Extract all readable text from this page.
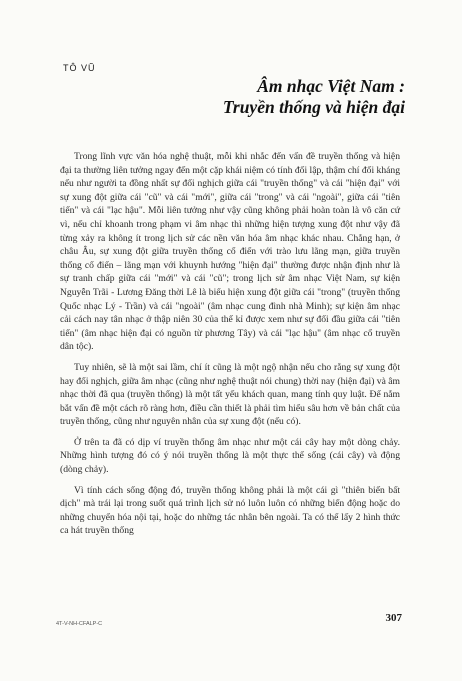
TÔ VŨ
Âm nhạc Việt Nam :
Truyền thống và hiện đại

Trong lĩnh vực văn hóa nghệ thuật, mỗi khi nhắc đến vấn đề truyền thống và hiện đại ta thường liên tưởng ngay đến một cặp khái niệm có tính đối lập, thậm chí đối kháng nếu như người ta đồng nhất sự đối nghịch giữa cái "truyền thống" và cái "hiện đại" với sự xung đột giữa cái "cũ" và cái "mới", giữa cái "trong" và cái "ngoài", giữa cái "tiên tiến" và cái "lạc hậu". Mỗi liên tưởng như vậy cũng không phải hoàn toàn là vô căn cứ vì, nếu chỉ khoanh trong phạm vi âm nhạc thì những hiện tượng xung đột như vậy đã từng xảy ra không ít trong lịch sử các nền văn hóa âm nhạc khác nhau. Chẳng hạn, ở châu Âu, sự xung đột giữa truyền thống cổ điển với trào lưu lãng mạn, giữa truyền thống cổ điển – lãng mạn với khuynh hướng "hiện đại" thường được nhận định như là sự tranh chấp giữa cái "mới" và cái "cũ"; trong lịch sử âm nhạc Việt Nam, sự kiện Nguyễn Trãi - Lương Đăng thời Lê là biểu hiện xung đột giữa cái "trong" (truyền thống Quốc nhạc Lý - Trần) và cái "ngoài" (âm nhạc cung đình nhà Minh); sự kiện âm nhạc cải cách nay tân nhạc ở thập niên 30 của thế kỉ được xem như sự đối đầu giữa cái "tiên tiến" (âm nhạc hiện đại có nguồn từ phương Tây) và cái "lạc hậu" (âm nhạc cổ truyền dân tộc).

Tuy nhiên, sẽ là một sai lầm, chí ít cũng là một ngộ nhận nếu cho rằng sự xung đột hay đối nghịch, giữa âm nhạc (cũng như nghệ thuật nói chung) thời nay (hiện đại) và âm nhạc thời đã qua (truyền thống) là một tất yếu khách quan, mang tính quy luật. Để nắm bắt vấn đề một cách rõ ràng hơn, điều cần thiết là phải tìm hiểu sâu hơn về bản chất của truyền thống, cũng như nguyên nhân của sự xung đột (nếu có).

Ở trên ta đã có dịp ví truyền thống âm nhạc như một cái cây hay một dòng chảy. Những hình tượng đó có ý nói truyền thống là một thực thể sống (cái cây) và động (dòng chảy).

Vì tính cách sống động đó, truyền thống không phải là một cái gì "thiên biến bất dịch" mà trái lại trong suốt quá trình lịch sử nó luôn luôn có những biến động hoặc do những chuyển hóa nội tại, hoặc do những tác nhân bên ngoài. Ta có thể lấy 2 hình thức ca hát truyền thống

307
4T-V-NH-CFALP-C
